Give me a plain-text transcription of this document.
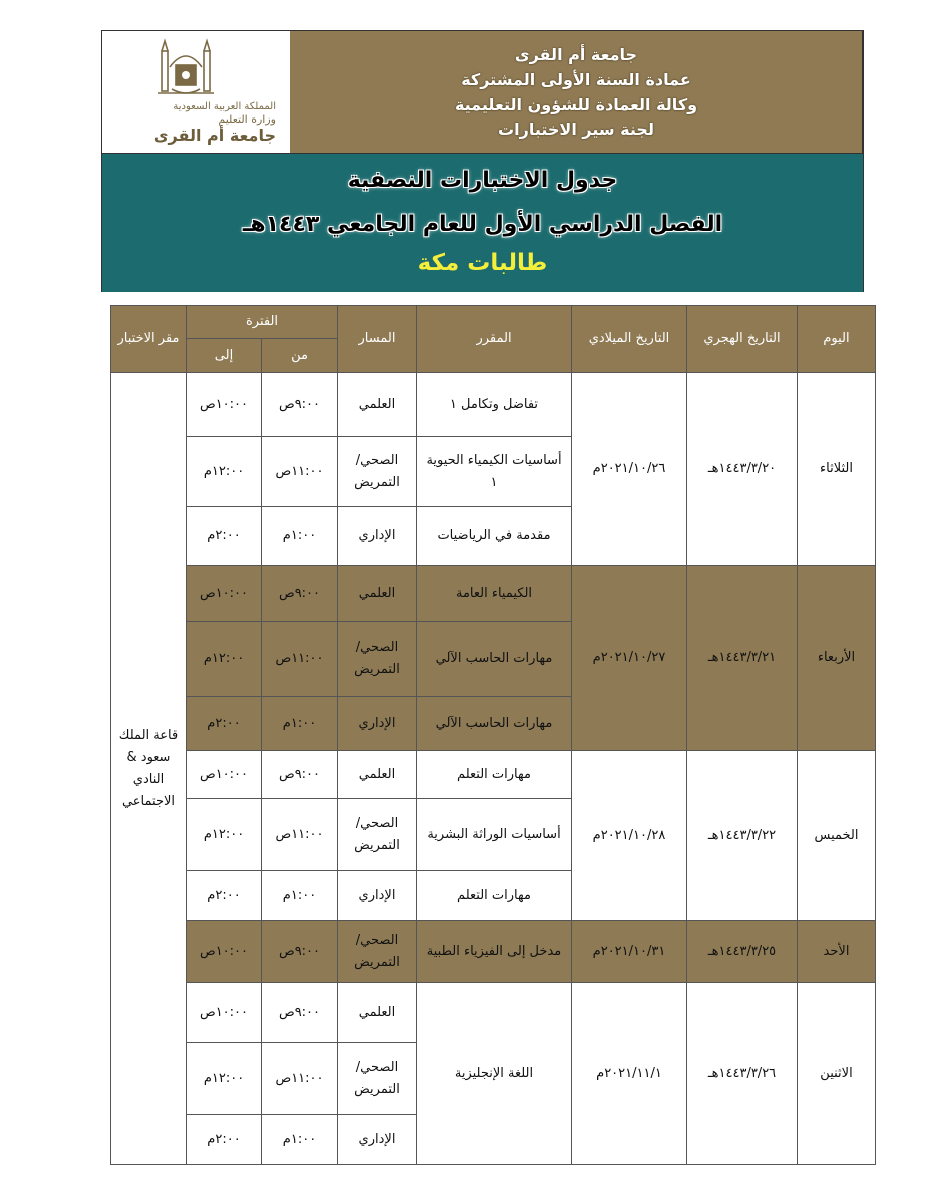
المملكة العربية السعودية
وزارة التعليم
جامعة أم القرى
جامعة أم القرى
عمادة السنة الأولى المشتركة
وكالة العمادة للشؤون التعليمية
لجنة سير الاختبارات
جدول الاختبارات النصفية
الفصل الدراسي الأول للعام الجامعي ١٤٤٣هـ
طالبات مكة
اليوم	التاريخ الهجري	التاريخ الميلادي	المقرر	المسار	الفترة		مقر الاختبار
					من	إلى	
الثلاثاء	١٤٤٣/٣/٢٠هـ	٢٠٢١/١٠/٢٦م	تفاضل وتكامل ١	العلمي	٩:٠٠ص	١٠:٠٠ص	قاعة الملك سعود & النادي الاجتماعي
			أساسيات الكيمياء الحيوية ١	الصحي/ التمريض	١١:٠٠ص	١٢:٠٠م	
			مقدمة في الرياضيات	الإداري	١:٠٠م	٢:٠٠م	
الأربعاء	١٤٤٣/٣/٢١هـ	٢٠٢١/١٠/٢٧م	الكيمياء العامة	العلمي	٩:٠٠ص	١٠:٠٠ص	
			مهارات الحاسب الآلي	الصحي/ التمريض	١١:٠٠ص	١٢:٠٠م	
			مهارات الحاسب الآلي	الإداري	١:٠٠م	٢:٠٠م	
الخميس	١٤٤٣/٣/٢٢هـ	٢٠٢١/١٠/٢٨م	مهارات التعلم	العلمي	٩:٠٠ص	١٠:٠٠ص	
			أساسيات الوراثة البشرية	الصحي/ التمريض	١١:٠٠ص	١٢:٠٠م	
			مهارات التعلم	الإداري	١:٠٠م	٢:٠٠م	
الأحد	١٤٤٣/٣/٢٥هـ	٢٠٢١/١٠/٣١م	مدخل إلى الفيزياء الطبية	الصحي/ التمريض	٩:٠٠ص	١٠:٠٠ص	
الاثنين	١٤٤٣/٣/٢٦هـ	٢٠٢١/١١/١م	اللغة الإنجليزية	العلمي	٩:٠٠ص	١٠:٠٠ص	
				الصحي/ التمريض	١١:٠٠ص	١٢:٠٠م	
				الإداري	١:٠٠م	٢:٠٠م	
